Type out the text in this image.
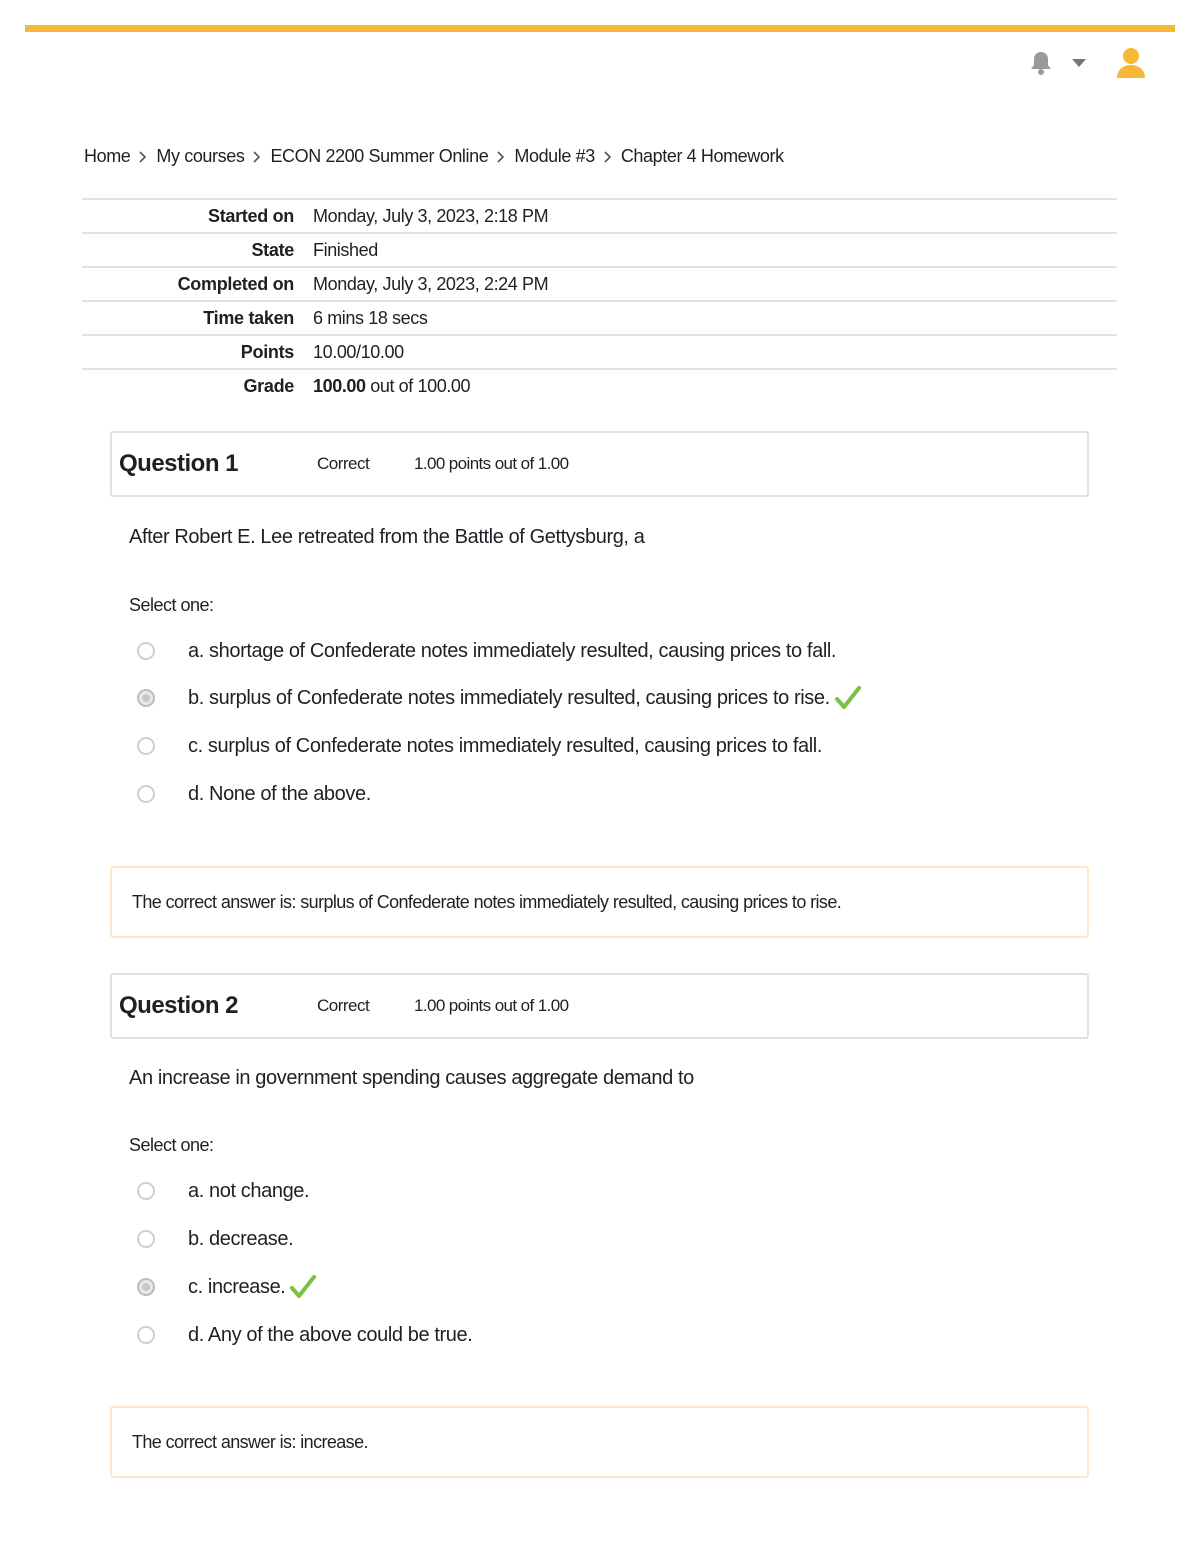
Home My courses ECON 2200 Summer Online Module #3 Chapter 4 Homework
Started on	Monday, July 3, 2023, 2:18 PM
State	Finished
Completed on	Monday, July 3, 2023, 2:24 PM
Time taken	6 mins 18 secs
Points	10.00/10.00
Grade	100.00 out of 100.00
Question 1	Correct	1.00 points out of 1.00
After Robert E. Lee retreated from the Battle of Gettysburg, a
Select one:
a. shortage of Confederate notes immediately resulted, causing prices to fall.
b. surplus of Confederate notes immediately resulted, causing prices to rise.
c. surplus of Confederate notes immediately resulted, causing prices to fall.
d. None of the above.
The correct answer is: surplus of Confederate notes immediately resulted, causing prices to rise.
Question 2	Correct	1.00 points out of 1.00
An increase in government spending causes aggregate demand to
Select one:
a. not change.
b. decrease.
c. increase.
d. Any of the above could be true.
The correct answer is: increase.
